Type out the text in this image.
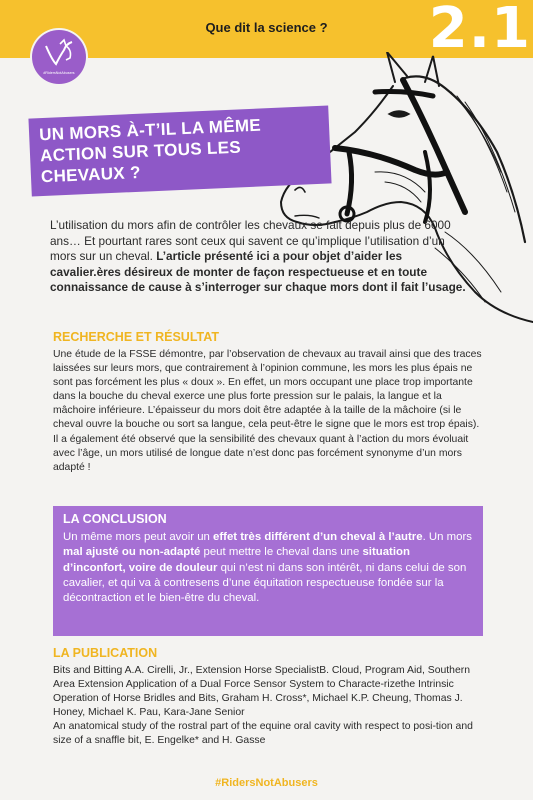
Que dit la science ?	2.1
#RidersNotAbusers
UN MORS À-T’IL LA MÊME
ACTION SUR TOUS LES
CHEVAUX ?
L’utilisation du mors afin de contrôler les chevaux se fait depuis plus de 6000 ans… Et pourtant rares sont ceux qui savent ce qu’implique l’utilisation d’un mors sur un cheval. L’article présenté ici a pour objet d’aider les cavalier.ères désireux de monter de façon respectueuse et en toute connaissance de cause à s’interroger sur chaque mors dont il fait l’usage.
RECHERCHE ET RÉSULTAT
Une étude de la FSSE démontre, par l’observation de chevaux au travail ainsi que des traces laissées sur leurs mors, que contrairement à l’opinion commune, les mors les plus épais ne sont pas forcément les plus « doux ». En effet, un mors occupant une place trop importante dans la bouche du cheval exerce une plus forte pression sur le palais, la langue et la mâchoire inférieure. L’épaisseur du mors doit être adaptée à la taille de la mâchoire (si le cheval ouvre la bouche ou sort sa langue, cela peut-être le signe que le mors est trop épais). Il a également été observé que la sensibilité des chevaux quant à l’action du mors évoluait avec l’âge, un mors utilisé de longue date n’est donc pas forcément synonyme d’un mors adapté !
LA CONCLUSION
Un même mors peut avoir un effet très différent d’un cheval à l’autre. Un mors mal ajusté ou non-adapté peut mettre le cheval dans une situation d’inconfort, voire de douleur qui n’est ni dans son intérêt, ni dans celui de son cavalier, et qui va à contresens d’une équitation respectueuse fondée sur la décontraction et le bien-être du cheval.
LA PUBLICATION
Bits and Bitting A.A. Cirelli, Jr., Extension Horse SpecialistB. Cloud, Program Aid, Southern Area Extension Application of a Dual Force Sensor System to Characte-rizethe Intrinsic Operation of Horse Bridles and Bits, Graham H. Cross*, Michael K.P. Cheung, Thomas J. Honey, Michael K. Pau, Kara-Jane Senior
An anatomical study of the rostral part of the equine oral cavity with respect to posi-tion and size of a snaffle bit, E. Engelke* and H. Gasse
#RidersNotAbusers
